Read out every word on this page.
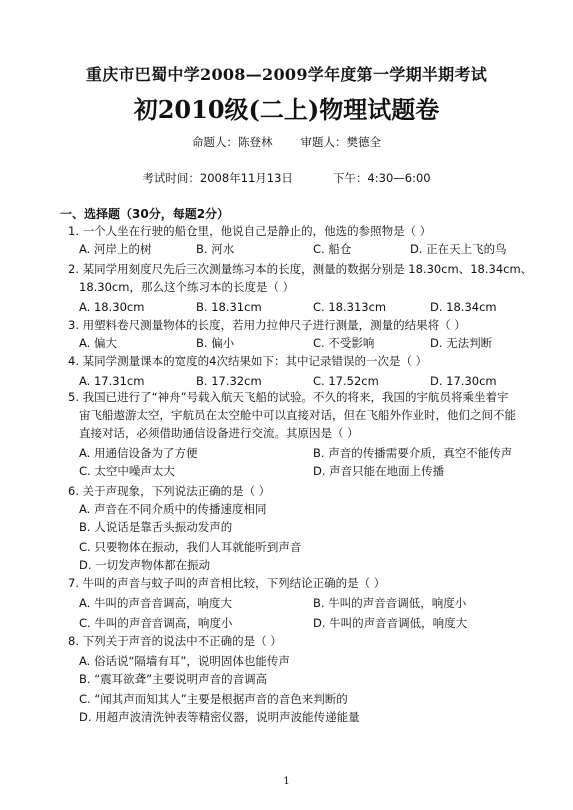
重庆市巴蜀中学2008—2009学年度第一学期半期考试
初2010级(二上)物理试题卷
命题人：陈登林 审题人：樊德全
考试时间：2008年11月13日	下午：4:30—6:00
一、选择题（30分，每题2分）
1. 一个人坐在行驶的船仓里，他说自己是静止的，他选的参照物是（ ）
A. 河岸上的树	B. 河水	C. 船仓	D. 正在天上飞的鸟
2. 某同学用刻度尺先后三次测量练习本的长度，测量的数据分别是 18.30cm、18.34cm、
18.30cm，那么这个练习本的长度是（ ）
A. 18.30cm	B. 18.31cm	C. 18.313cm	D. 18.34cm
3. 用塑料卷尺测量物体的长度，若用力拉伸尺子进行测量，测量的结果将（ ）
A. 偏大	B. 偏小	C. 不受影响	D. 无法判断
4. 某同学测量课本的宽度的4次结果如下：其中记录错误的一次是（ ）
A. 17.31cm	B. 17.32cm	C. 17.52cm	D. 17.30cm
5. 我国已进行了“神舟”号载入航天飞船的试验。不久的将来，我国的宇航员将乘坐着宇
宙飞船遨游太空，宇航员在太空舱中可以直接对话，但在飞船外作业时，他们之间不能
直接对话，必须借助通信设备进行交流。其原因是（ ）
A. 用通信设备为了方便	B. 声音的传播需要介质，真空不能传声
C. 太空中噪声太大	D. 声音只能在地面上传播
6. 关于声现象，下列说法正确的是（ ）
A. 声音在不同介质中的传播速度相同
B. 人说话是靠舌头振动发声的
C. 只要物体在振动，我们人耳就能听到声音
D. 一切发声物体都在振动
7. 牛叫的声音与蚊子叫的声音相比较，下列结论正确的是（ ）
A. 牛叫的声音音调高，响度大	B. 牛叫的声音音调低，响度小
C. 牛叫的声音音调高，响度小	D. 牛叫的声音音调低，响度大
8. 下列关于声音的说法中不正确的是（ ）
A. 俗话说“隔墙有耳”，说明固体也能传声
B. “震耳欲聋”主要说明声音的音调高
C. “闻其声而知其人”主要是根据声音的音色来判断的
D. 用超声波清洗钟表等精密仪器，说明声波能传递能量
1
